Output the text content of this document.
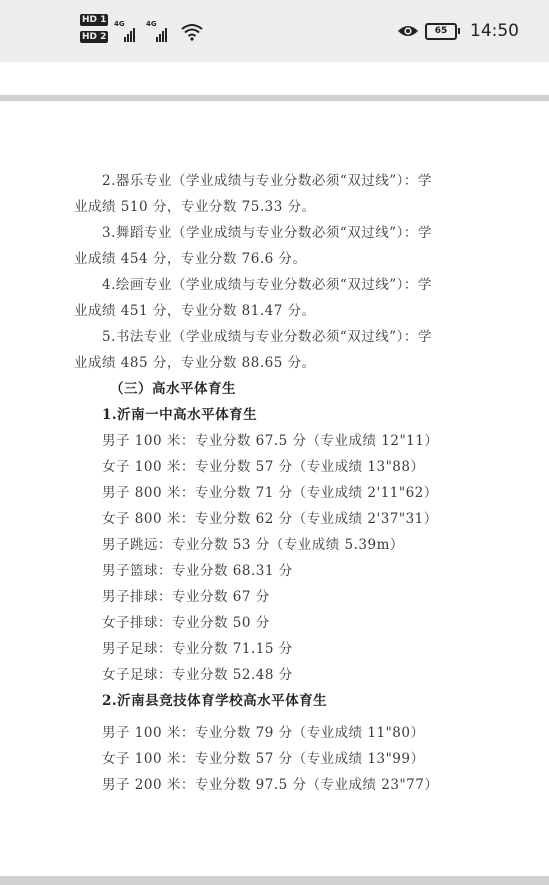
HD 1
HD 2
4G	4G
65	14:50
2.器乐专业（学业成绩与专业分数必须“双过线”）：学
业成绩 510 分，专业分数 75.33 分。
3.舞蹈专业（学业成绩与专业分数必须“双过线”）：学
业成绩 454 分，专业分数 76.6 分。
4.绘画专业（学业成绩与专业分数必须“双过线”）：学
业成绩 451 分，专业分数 81.47 分。
5.书法专业（学业成绩与专业分数必须“双过线”）：学
业成绩 485 分，专业分数 88.65 分。
（三）高水平体育生
1.沂南一中高水平体育生
男子 100 米：专业分数 67.5 分（专业成绩 12"11）
女子 100 米：专业分数 57 分（专业成绩 13"88）
男子 800 米：专业分数 71 分（专业成绩 2'11"62）
女子 800 米：专业分数 62 分（专业成绩 2'37"31）
男子跳远：专业分数 53 分（专业成绩 5.39m）
男子篮球：专业分数 68.31 分
男子排球：专业分数 67 分
女子排球：专业分数 50 分
男子足球：专业分数 71.15 分
女子足球：专业分数 52.48 分
2.沂南县竞技体育学校高水平体育生
男子 100 米：专业分数 79 分（专业成绩 11"80）
女子 100 米：专业分数 57 分（专业成绩 13"99）
男子 200 米：专业分数 97.5 分（专业成绩 23"77）
